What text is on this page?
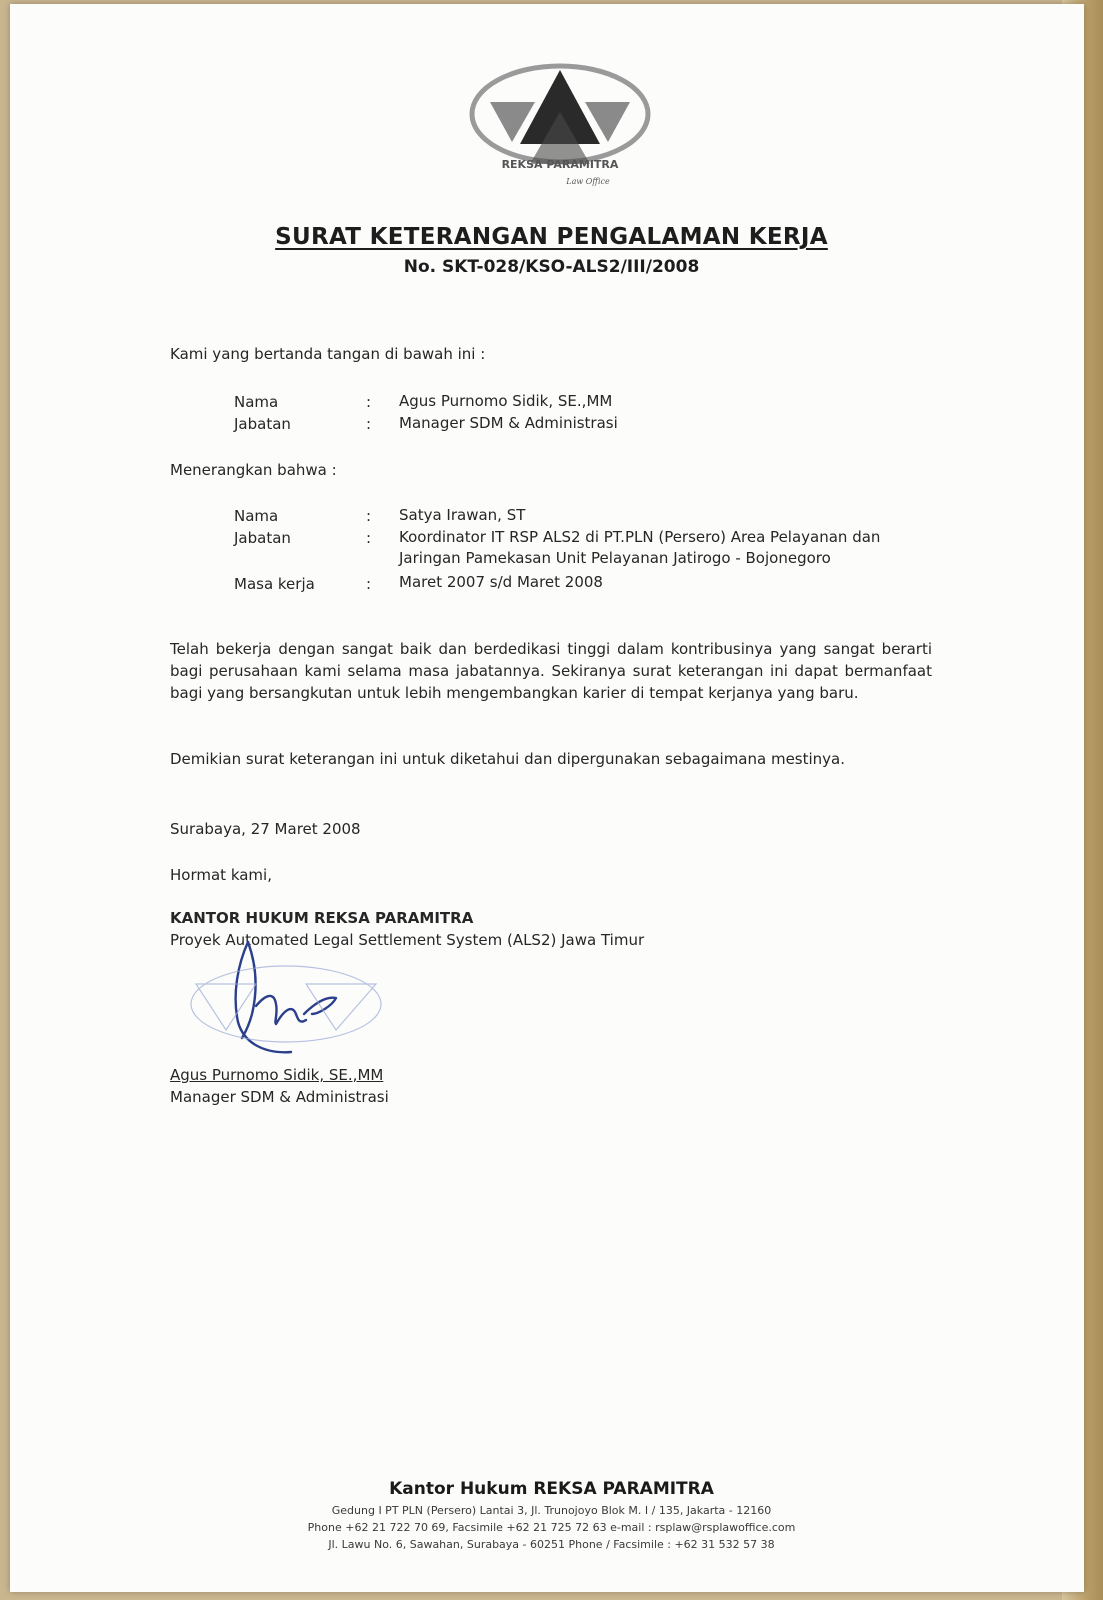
REKSA PARAMITRA
Law Office
SURAT KETERANGAN PENGALAMAN KERJA
No. SKT-028/KSO-ALS2/III/2008
Kami yang bertanda tangan di bawah ini :
Nama	: Agus Purnomo Sidik, SE.,MM
Jabatan	: Manager SDM & Administrasi
Menerangkan bahwa :
Nama	: Satya Irawan, ST
Jabatan	: Koordinator IT RSP ALS2 di PT.PLN (Persero) Area Pelayanan dan
Jaringan Pamekasan Unit Pelayanan Jatirogo - Bojonegoro
Masa kerja	: Maret 2007 s/d Maret 2008
Telah bekerja dengan sangat baik dan berdedikasi tinggi dalam kontribusinya yang sangat berarti bagi perusahaan kami selama masa jabatannya. Sekiranya surat keterangan ini dapat bermanfaat bagi yang bersangkutan untuk lebih mengembangkan karier di tempat kerjanya yang baru.
Demikian surat keterangan ini untuk diketahui dan dipergunakan sebagaimana mestinya.
Surabaya, 27 Maret 2008
Hormat kami,
KANTOR HUKUM REKSA PARAMITRA
Proyek Automated Legal Settlement System (ALS2) Jawa Timur
Agus Purnomo Sidik, SE.,MM
Manager SDM & Administrasi
Kantor Hukum REKSA PARAMITRA
Gedung I PT PLN (Persero) Lantai 3, Jl. Trunojoyo Blok M. I / 135, Jakarta - 12160
Phone +62 21 722 70 69, Facsimile +62 21 725 72 63 e-mail : rsplaw@rsplawoffice.com
Jl. Lawu No. 6, Sawahan, Surabaya - 60251 Phone / Facsimile : +62 31 532 57 38
